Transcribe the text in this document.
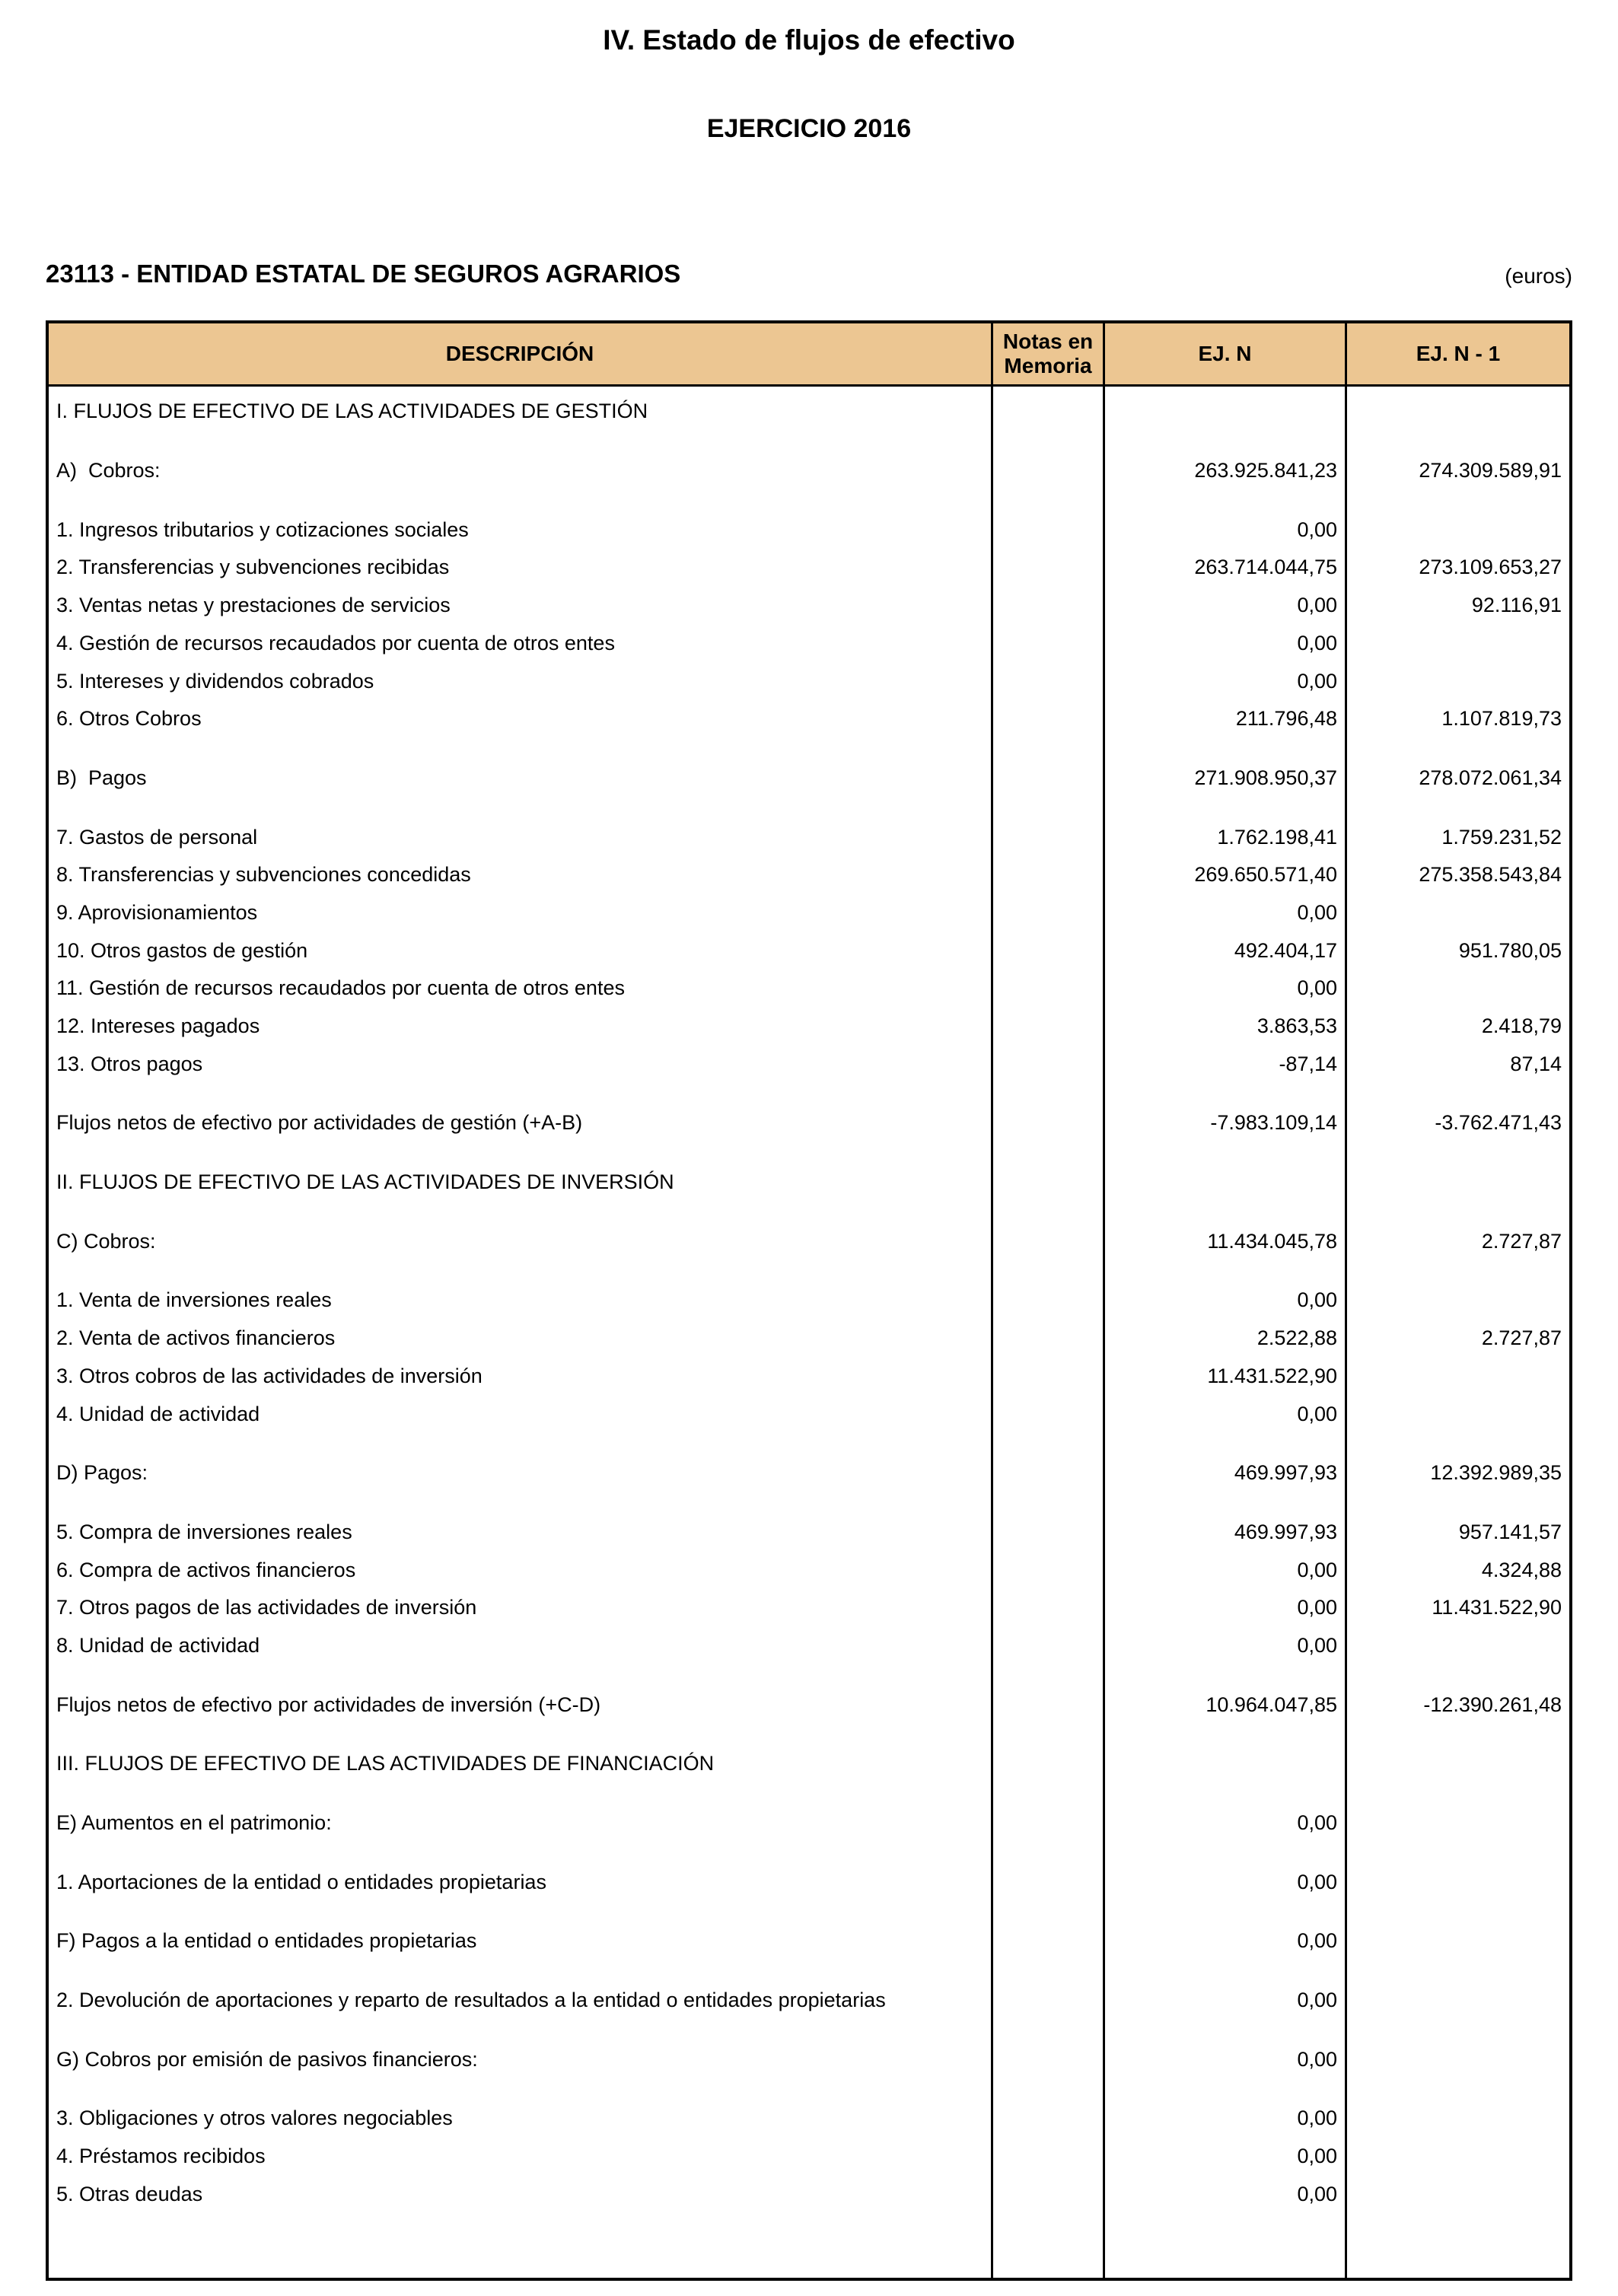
IV. Estado de flujos de efectivo
EJERCICIO 2016
23113 - ENTIDAD ESTATAL DE SEGUROS AGRARIOS	(euros)
DESCRIPCIÓN
Notas en Memoria
EJ. N	EJ. N - 1
I. FLUJOS DE EFECTIVO DE LAS ACTIVIDADES DE GESTIÓN
A)  Cobros:	263.925.841,23	274.309.589,91
1. Ingresos tributarios y cotizaciones sociales	0,00
2. Transferencias y subvenciones recibidas	263.714.044,75	273.109.653,27
3. Ventas netas y prestaciones de servicios	0,00	92.116,91
4. Gestión de recursos recaudados por cuenta de otros entes	0,00
5. Intereses y dividendos cobrados	0,00
6. Otros Cobros	211.796,48	1.107.819,73
B)  Pagos	271.908.950,37	278.072.061,34
7. Gastos de personal	1.762.198,41	1.759.231,52
8. Transferencias y subvenciones concedidas	269.650.571,40	275.358.543,84
9. Aprovisionamientos	0,00
10. Otros gastos de gestión	492.404,17	951.780,05
11. Gestión de recursos recaudados por cuenta de otros entes	0,00
12. Intereses pagados	3.863,53	2.418,79
13. Otros pagos	-87,14	87,14
Flujos netos de efectivo por actividades de gestión (+A-B)	-7.983.109,14	-3.762.471,43
II. FLUJOS DE EFECTIVO DE LAS ACTIVIDADES DE INVERSIÓN
C) Cobros:	11.434.045,78	2.727,87
1. Venta de inversiones reales	0,00
2. Venta de activos financieros	2.522,88	2.727,87
3. Otros cobros de las actividades de inversión	11.431.522,90
4. Unidad de actividad	0,00
D) Pagos:	469.997,93	12.392.989,35
5. Compra de inversiones reales	469.997,93	957.141,57
6. Compra de activos financieros	0,00	4.324,88
7. Otros pagos de las actividades de inversión	0,00	11.431.522,90
8. Unidad de actividad	0,00
Flujos netos de efectivo por actividades de inversión (+C-D)	10.964.047,85	-12.390.261,48
III. FLUJOS DE EFECTIVO DE LAS ACTIVIDADES DE FINANCIACIÓN
E) Aumentos en el patrimonio:	0,00
1. Aportaciones de la entidad o entidades propietarias	0,00
F) Pagos a la entidad o entidades propietarias	0,00
2. Devolución de aportaciones y reparto de resultados a la entidad o entidades propietarias	0,00
G) Cobros por emisión de pasivos financieros:	0,00
3. Obligaciones y otros valores negociables	0,00
4. Préstamos recibidos	0,00
5. Otras deudas	0,00
